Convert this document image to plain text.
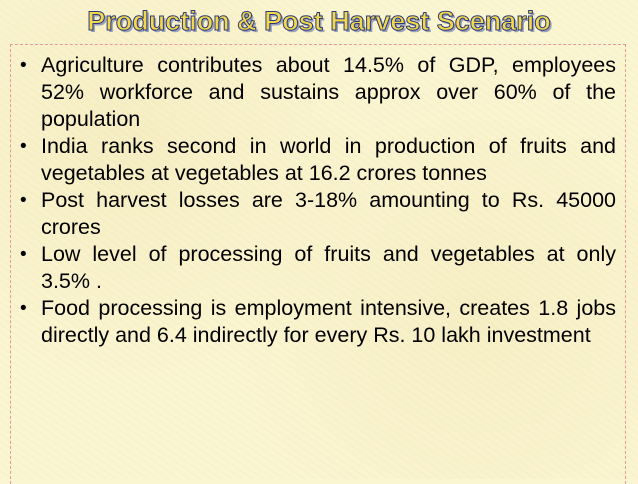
Production & Post Harvest Scenario
• Agriculture contributes about 14.5% of GDP, employees 52% workforce and sustains approx over 60% of the population
• India ranks second in world in production of fruits and vegetables at vegetables at 16.2 crores tonnes
• Post harvest losses are 3-18% amounting to Rs. 45000 crores
• Low level of processing of fruits and vegetables at only 3.5% .
• Food processing is employment intensive, creates 1.8 jobs directly and 6.4 indirectly for every Rs. 10 lakh investment
